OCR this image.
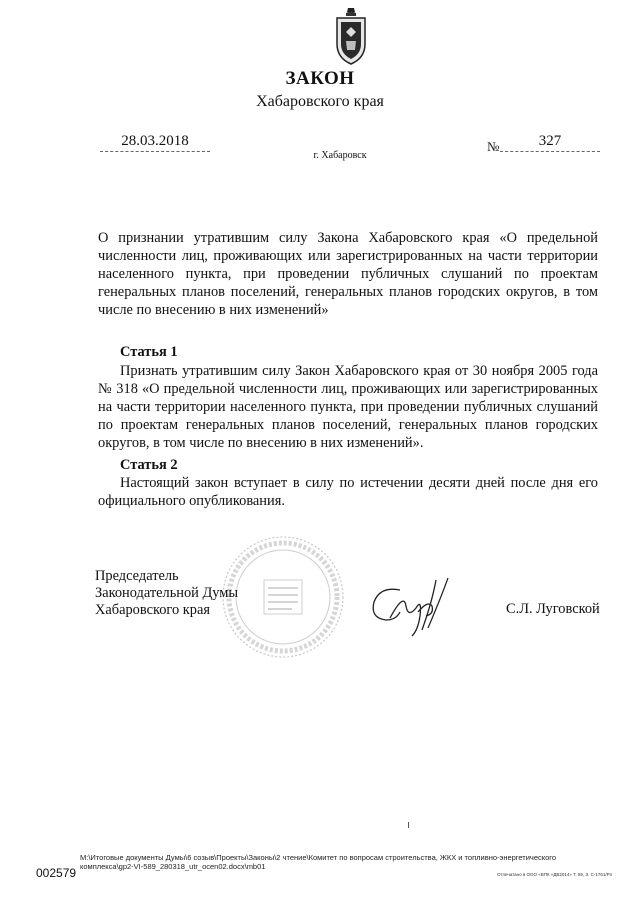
ЗАКОН
Хабаровского края
28.03.2018	№	327
г. Хабаровск
О признании утратившим силу Закона Хабаровского края «О предельной численности лиц, проживающих или зарегистрированных на части территории населенного пункта, при проведении публичных слушаний по проектам генеральных планов поселений, генеральных планов городских округов, в том числе по внесению в них изменений»
Статья 1
Признать утратившим силу Закон Хабаровского края от 30 ноября 2005 года № 318 «О предельной численности лиц, проживающих или зарегистрированных на части территории населенного пункта, при проведении публичных слушаний по проектам генеральных планов поселений, генеральных планов городских округов, в том числе по внесению в них изменений».
Статья 2
Настоящий закон вступает в силу по истечении десяти дней после дня его официального опубликования.
Председатель
Законодательной Думы
Хабаровского края	С.Л. Луговской
M:\Итоговые документы Думы\6 созыв\Проекты\Законы\2 чтение\Комитет по вопросам строительства, ЖКХ и топливно-энергетического комплекса\gp2-VI-589_280318_utr_ocen02.docx\mb01
002579	Отпечатано в ООО «ВПК «ДВ2014» Т. 59, З. С-1761/Рп
